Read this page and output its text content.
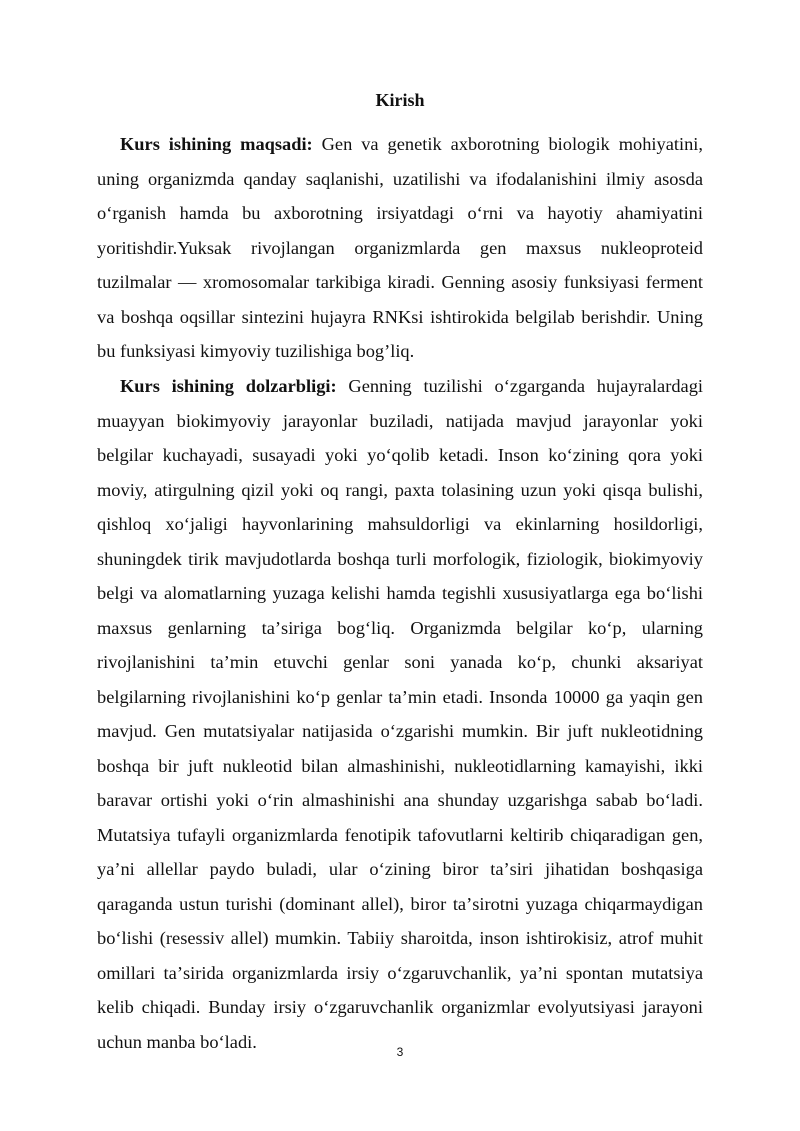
Kirish

Kurs ishining maqsadi: Gen va genetik axborotning biologik mohiyatini, uning organizmda qanday saqlanishi, uzatilishi va ifodalanishini ilmiy asosda oʻrganish hamda bu axborotning irsiyatdagi oʻrni va hayotiy ahamiyatini yoritishdir.Yuksak rivojlangan organizmlarda gen maxsus nukleoproteid tuzilmalar — xromosomalar tarkibiga kiradi. Genning asosiy funksiyasi ferment va boshqa oqsillar sintezini hujayra RNKsi ishtirokida belgilab berishdir. Uning bu funksiyasi kimyoviy tuzilishiga bog’liq.

Kurs ishining dolzarbligi: Genning tuzilishi oʻzgarganda hujayralardagi muayyan biokimyoviy jarayonlar buziladi, natijada mavjud jarayonlar yoki belgilar kuchayadi, susayadi yoki yoʻqolib ketadi. Inson koʻzining qora yoki moviy, atirgulning qizil yoki oq rangi, paxta tolasining uzun yoki qisqa bulishi, qishloq xoʻjaligi hayvonlarining mahsuldorligi va ekinlarning hosildorligi, shuningdek tirik mavjudotlarda boshqa turli morfologik, fiziologik, biokimyoviy belgi va alomatlarning yuzaga kelishi hamda tegishli xususiyatlarga ega boʻlishi maxsus genlarning taʼsiriga bogʻliq. Organizmda belgilar koʻp, ularning rivojlanishini taʼmin etuvchi genlar soni yanada koʻp, chunki aksariyat belgilarning rivojlanishini koʻp genlar taʼmin etadi. Insonda 10000 ga yaqin gen mavjud. Gen mutatsiyalar natijasida oʻzgarishi mumkin. Bir juft nukleotidning boshqa bir juft nukleotid bilan almashinishi, nukleotidlarning kamayishi, ikki baravar ortishi yoki oʻrin almashinishi ana shunday uzgarishga sabab boʻladi. Mutatsiya tufayli organizmlarda fenotipik tafovutlarni keltirib chiqaradigan gen, yaʼni allellar paydo buladi, ular oʻzining biror taʼsiri jihatidan boshqasiga qaraganda ustun turishi (dominant allel), biror taʼsirotni yuzaga chiqarmaydigan boʻlishi (resessiv allel) mumkin. Tabiiy sharoitda, inson ishtirokisiz, atrof muhit omillari taʼsirida organizmlarda irsiy oʻzgaruvchanlik, yaʼni spontan mutatsiya kelib chiqadi. Bunday irsiy oʻzgaruvchanlik organizmlar evolyutsiyasi jarayoni uchun manba boʻladi.

3
